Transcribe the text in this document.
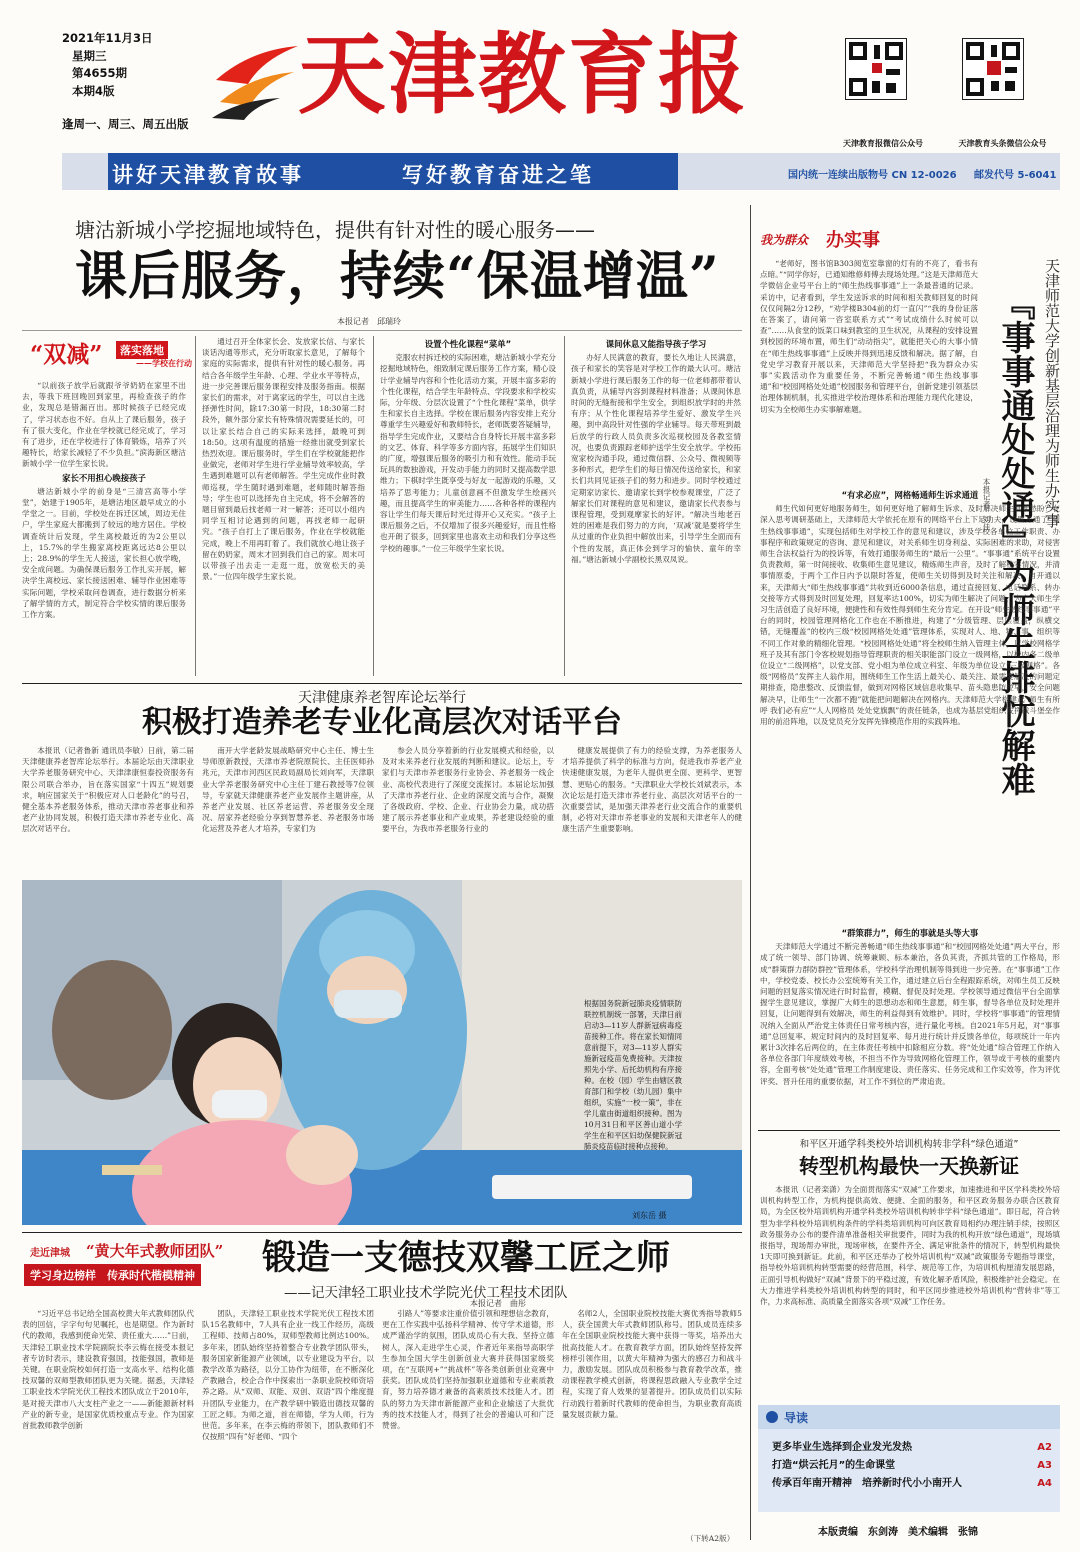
2021年11月3日
星期三
第4655期
本期4版
逢周一、周三、周五出版	天津教育报
天津教育报微信公众号	天津教育头条微信公众号
讲好天津教育故事	写好教育奋进之笔	国内统一连续出版物号 CN 12-0026 邮发代号 5-6041
塘沽新城小学挖掘地域特色，提供有针对性的暖心服务——
课后服务，持续“保温增温”
本报记者　邱瑞玲
“双减”	落实落地
——学校在行动

“以前孩子放学后就跟爷爷奶奶在家里不出去，等我下班回晚回到家里，再检查孩子的作业，发现总是错漏百出。那时候孩子已经完成了，学习状态也不好。自从上了课后服务，孩子有了很大变化，作业在学校就已经完成了，学习有了进步，还在学校进行了体育锻炼，培养了兴趣特长，给家长减轻了不少负担。”滨海新区塘沽新城小学一位学生家长说。

家长不用担心晚接孩子

塘沽新城小学的前身是“三清宫高等小学堂”，始建于1905年，是塘沽地区最早成立的小学堂之一。目前，学校处在拆迁区域，周边无住户，学生家庭大都搬到了较远的地方居住。学校调查统计后发现，学生离校最近的为2公里以上，15.7%的学生搬家离校距离远达8公里以上；28.9%的学生无人接送，家长担心放学晚，安全成问题。为确保课后服务工作扎实开展，解决学生离校远、家长接送困难、辅导作业困难等实际问题，学校采取问卷调查，进行数据分析来了解学情的方式，制定符合学校实情的课后服务工作方案。

通过召开全体家长会、发放家长信、与家长谈话沟通等形式，充分听取家长意见，了解每个家庭的实际需求，提供有针对性的暖心服务。再结合各年级学生年龄、心理、学业水平等特点，进一步完善课后服务课程安排及服务指南。根据家长们的需求，对于离家远的学生，可以自主选择弹性时间，除17:30第一时段，18:30第二时段外，额外部分家长有特殊情况需要延长的，可以让家长结合自己的实际来选择，最晚可到18:50。这项有温度的措施一经推出就受到家长热烈欢迎。课后服务时，学生们在学校就能把作业做完，老师对学生进行学业辅导效率较高，学生遇到难题可以有老师解答。学生完成作业时教师巡视，学生随时遇到难题，老师随时解答指导；学生也可以选择先自主完成，将不会解答的题目留到最后找老师一对一解答；还可以小组内同学互相讨论遇到的问题，再找老师一起研究。“孩子自打上了课后服务，作业在学校就能完成，晚上不用再盯着了。我们就放心地让孩子留在奶奶家，周末才回到我们自己的家。周末可以带孩子出去走一走逛一逛，放宽松天的美景。”一位四年级学生家长说。

设置个性化课程“菜单”

克服农村拆迁校的实际困难，塘沽新城小学充分挖掘地域特色，细致制定课后服务工作方案，精心设计学业辅导内容和个性化活动方案，开展丰富多彩的个性化课程，结合学生年龄特点、学段要求和学校实际，分年级、分层次设置了“个性化课程”菜单，供学生和家长自主选择。学校在课后服务内容安排上充分尊重学生兴趣爱好和教师特长，老师既要答疑辅导，指导学生完成作业，又要结合自身特长开展丰富多彩的文艺、体育、科学等多方面内容，拓展学生们知识的广度，增强课后服务的吸引力和有效性。能动手玩玩具的数独游戏，开发动手能力的同时又提高数学思维力；下棋时学生既享受与好友一起游戏的乐趣，又培养了思考能力；儿童创意画不但激发学生绘画兴趣，而且提高学生的审美能力……各种各样的课程内容让学生们每天课后时光过得开心又充实。“孩子上课后服务之后，不仅增加了很多兴趣爱好，而且性格也开朗了很多，回到家里也喜欢主动和我们分享这些学校的趣事。”一位三年级学生家长说。

课间休息又能指导孩子学习

办好人民满意的教育，要长久地让人民满意，孩子和家长的笑容是对学校工作的最大认可。塘沽新城小学进行课后服务工作的每一位老师都带着认真负责，从辅导内容到课程材料准备；从课间休息时间的无缝衔接和学生安全，到组织放学时的井然有序；从个性化课程培养学生爱好、激发学生兴趣，到中高段针对性强的学业辅导。每天带班到最后放学的行政人员负责多次巡视校园及各教室情况，也要负责跟踪老师护送学生安全放学。学校拓宽家校沟通手段，通过微信群、公众号、微视频等多种形式，把学生们的每日情况传送给家长，和家长们共同见证孩子们的努力和进步。同时学校通过定期家访家长、邀请家长到学校参观课堂，广泛了解家长们对课程的意见和建议，邀请家长代表参与课程管理，受到观摩家长的好评。“解决当地老百姓的困难是我们努力的方向，‘双减’就是要将学生从过重的作业负担中解放出来，引导学生全面而有个性的发展，真正体会到学习的愉快、童年的幸福。”塘沽新城小学副校长黑双凤说。

天津健康养老智库论坛举行
积极打造养老专业化高层次对话平台

本报讯（记者鲁新 通讯员李敏）日前，第二届天津健康养老智库论坛举行。本届论坛由天津职业大学养老服务研究中心、天津津康恒泰投资服务有限公司联合举办，旨在落实国家“十四五”规划要求，响应国家关于“积极应对人口老龄化”的号召，健全基本养老服务体系，推动天津市养老事业和养老产业协同发展，积极打造天津市养老专业化、高层次对话平台。

南开大学老龄发展战略研究中心主任、博士生导师原新教授，天津市养老院原院长、主任医师孙兆元，天津市河西区民政局副局长刘向军，天津职业大学养老服务研究中心主任丁建石教授等7位领导，专家就天津健康养老产业发展作主题讲座，从养老产业发展、社区养老运营、养老服务安全现况、居家养老经验分享到智慧养老、养老服务市场化运营及养老人才培养，专家们为

参会人员分享着新的行业发展模式和经验，以及对未来养老行业发展的判断和建议。论坛上，专家们与天津市养老服务行业协会、养老服务一线企业、高校代表进行了深度交流探讨。本届论坛加强了天津市养老行业、企业的深度交流与合作，凝聚了各级政府、学校、企业、行业协会力量，成功搭建了展示养老事业和产业成果，养老建设经验的重要平台，为我市养老服务行业的

健康发展提供了有力的经验支撑，为养老服务人才培养提供了科学的标准与方向，促进我市养老产业快速健康发展，为老年人提供更全面、更科学、更智慧、更贴心的服务。“天津职业大学校长刘斌表示，本次论坛是打造天津市养老行业、高层次对话平台的一次重要尝试，是加强天津养老行业交流合作的重要机制，必将对天津市养老事业的发展和天津老年人的健康生活产生重要影响。

根据国务院新冠肺炎疫情联防联控机制统一部署，天津日前启动3—11岁人群新冠病毒疫苗接种工作。将在家长知情同意前提下，对3—11岁人群实施新冠疫苗免费接种。天津按照先小学、后托幼机构有序接种。在校（园）学生由辖区教育部门和学校（幼儿园）集中组织，实施“一校一策”，非在学儿童由街道组织接种。图为10月31日和平区善山道小学学生在和平区妇幼保健院新冠肺炎疫苗临时接种点接种。
刘东岳 摄
走近津城 “黄大年式教师团队”
学习身边榜样　传承时代楷模精神 锻造一支德技双馨工匠之师
——记天津轻工职业技术学院光伏工程技术团队
本报记者　曲彤

“习近平总书记给全国高校黄大年式教师团队代表的回信，字字句句见嘱托，也是期望。作为新时代的教师，我感到使命光荣、责任重大……”日前，天津轻工职业技术学院副院长李云梅在接受本报记者专访时表示，建设教育强国，技能强国，教师是关键。在职业院校如何打造一支高水平、结构化德技双馨的双师型教师团队更为关键。据悉，天津轻工职业技术学院光伏工程技术团队成立于2010年，是对接天津市八大支柱产业之一——新能源新材料产业的新专业，是国家优质校重点专业。作为国家首批教师教学创新

团队，天津轻工职业技术学院光伏工程技术团队15名教师中，7人具有企业一线工作经历，高级工程师、技师占80%，双师型教师比例达100%。多年来，团队始终坚持着整合专业教学团队带头，服务国家新能源产业领域，以专业建设为平台，以教学改革为路径，以分工协作为纽带，在不断深化产教融合，校企合作中探索出一条职业院校师资培养之路。从“双师、双能、双创、双语”四个维度提升团队专业能力，在产教学研中锻造出德技双馨的工匠之师。为师之道，首在师德，学为人师，行为世范。多年来，在李云梅的带领下，团队教师们不仅按照“四有”好老师、“四个

引路人”等要求注重价值引领和理想信念教育，更在工作实践中弘扬科学精神、传守学术道德，形成严谨治学的氛围，团队成员心有大我、坚持立德树人，深入走进学生心灵，作者近年来指导高职学生参加全国大学生创新创业大赛并获得国家级奖项，在“互联网+”“挑战杯”等各类创新创业竞赛中获奖。团队成员们坚持加强职业道德和专业素质教育，努力培养德才兼备的高素质技术技能人才。团队的努力为天津市新能源产业和企业输送了大批优秀的技术技能人才，得到了社会的普遍认可和广泛赞誉。

名师2人，全国职业院校技能大赛优秀指导教师5人，获全国黄大年式教师团队称号。团队成员连续多年在全国职业院校技能大赛中获得一等奖，培养出大批高技能人才。在教育教学方面，团队始终坚持发挥榜样引领作用，以黄大年精神为强大的感召力和战斗力，激励发展。团队成员积极参与教育教学改革，推动课程教学模式创新，将课程思政融入专业教学全过程，实现了育人效果的显著提升。团队成员们以实际行动践行着新时代教师的使命担当，为职业教育高质量发展贡献力量。

（下转A2版）
我为群众 办实事

“老师好，图书馆B303阅览室靠窗的灯有的不亮了，看书有点暗。”“同学你好，已通知维修师傅去现场处理。”这是天津师范大学微信企业号平台上的“师生热线事事通”上一条最普通的记录。采访中，记者看到，学生发送诉求的时间和相关教师回复的时间仅仅间隔2分12秒，“劝学楼B304前的灯一直闪”“我的身份证落在答案了，请问第一咨室联系方式”“考试成绩什么时候可以查”……从食堂的饭菜口味到教室的卫生状况，从课程的安排设置到校园的环境布置，师生们“动动指尖”，就能把关心的大事小情在“师生热线事事通”上反映并得到迅速反馈和解决。据了解，自党史学习教育开展以来，天津师范大学坚持把“我为群众办实事”实践活动作为重要任务，不断完善畅通“师生热线事事通”和“校园网格处处通”校园服务和管理平台，创新党建引领基层治理体制机制，扎实推进学校治理体系和治理能力现代化建设，切实为全校师生办实事解难题。	天津师范大学创新基层治理为师生办实事
『事事通处处通』为师生排忧解难
本报记者　刘佳
“有求必应”，网格畅通师生诉求通道

师生代如何更好地服务师生，如何更好地了解师生诉求、及时解决师生急难愁盼？在深入思考调研基础上，天津师范大学依托在原有的网络平台上下足功夫，设置开通了“师生热线事事通”，实现包括师生对学校工作的意见和建议，涉及学校各单位工作职责、办事程序和政策规定的咨询、意见和建议，对关系师生切身利益、实际困难的求助，对侵害师生合法权益行为的投诉等，有效打通服务师生的“最后一公里”。“事事通”系统平台设置负责教师，第一时间接收、收集师生意见建议，精炼师生声音，及时了解核实情况，并清事情原委，于两个工作日内予以限时答复，使师生关切得到及时关注和解决。自开通以来，天津师大“师生热线事事通”共收到近6000条信息，通过直接回复、电话联系、转办交接等方式得到及时回复处理，回复率达100%，切实为师生解决了问题，为广大师生学习生活创造了良好环境，便捷性和有效性得到师生充分肯定。在开设“师生热线事事通”平台的同时，校园管理网格化工作也在不断推进，构建了“分级管理、层层覆盖，纵横交错，无缝覆盖”的校内三级“校园网格处处通”管理体系，实现对人、地、物、事、组织等不同工作对象的精细化管理。“校园网格处处通”将全校师生纳入管理主体，以学校网格学班子及其有部门令客校规划指导管理职责的相关职能部门设立一级网格，以校内各二级单位设立“二级网格”，以党支部、党小组为单位成立科室、年级为单位设立“三级网格”。各级“网格员”发挥主人翁作用，围绕师生工作生活上最关心、最关注、最需要解决的问题定期排查，隐患整改、反馈监督，做到对网格区域信息收集早、苗头隐患防控早，安全问题解决早，让师生“一次都不跑”就能把问题解决在网格内。天津师范大学构建起“师生有所呼 我们必有应”“人人网格员 处处党旗飘”的责任链条，也成为基层党组织发挥战斗堡垒作用的前沿阵地，以及党员充分发挥先锋模范作用的实践阵地。

“群策群力”，师生的事就是头等大事

天津师范大学通过不断完善畅通“师生热线事事通”和“校园网格处处通”两大平台，形成了统一领导、部门协调、统筹兼顾、标本兼治，各负其责，齐抓共管的工作格局，形成“群策群力群防群控”管理体系，学校科学治理机制等得到进一步完善。在“事事通”工作中，学校党委、校长办公室统筹有关工作，通过建立后台全程跟踪系统，对师生员工反映问题的回复落实情况进行时时监督，模糊、督促及时处理。学校领导通过微信平台全面掌握学生意见建议，掌握广大师生的思想动态和师生意愿，师生事，督导各单位及时处理并回复，让问题得到有效解决，师生的利益得到有效维护。同时，学校将“事事通”的管理情况纳入全面从严治党主体责任日常考核内容，进行量化考核。自2021年5月起，对“事事通”总回复率、规定时间内的及时回复率、每月进行统计并反馈各单位，每项统计一年内累计3次排名后两位的，在主体责任考核中扣除相应分数。将“处处通”综合管理工作纳入各单位各部门年度绩效考核，不担当不作为导致网格化管理工作，领导或干考核的重要内容，全面考核“处处通”管理工作制度建设、责任落实、任务完成和工作实效等，作为评优评奖、晋升任用的重要依据，对工作不到位的严肃追责。

和平区开通学科类校外培训机构转非学科“绿色通道”
转型机构最快一天换新证

本报讯（记者栾潇）为全面贯彻落实“双减”工作要求，加速推进和平区学科类校外培训机构转型工作，为机构提供高效、便捷、全面的服务，和平区政务服务办联合区教育局，为全区校外培训机构开通学科类校外培训机构转非学科“绿色通道”。即日起，符合转型为非学科校外培训机构条件的学科类培训机构可向区教育局相约办理注销手续，按照区政务服务办公布的要件清单准备相关审批要件，同时为我的机构开放“绿色通道”，现场填报指导，现场帮办审批，现场审核，在要件齐全、满足审批条件的情况下，转型机构最快1天即可换到新证。此前，和平区还举办了校外培训机构“双减”政策服务专题指导课堂，指导校外培训机构转型需要的经营范围，科学、规范等工作，为培训机构厘清发展思路，正面引导机构做好“双减”背景下的平稳过渡，有效化解矛盾风险，积极维护社会稳定。在大力推进学科类校外培训机构转型的同时，和平区同步推进校外培训机构“营转非”等工作，力求高标准、高质量全面落实各项“双减”工作任务。

导读
更多毕业生选择到企业发光发热	A2
打造“烘云托月”的生命课堂	A3
传承百年南开精神　培养新时代小小南开人	A4
本版责编　东剑涛　美术编辑　张锦
